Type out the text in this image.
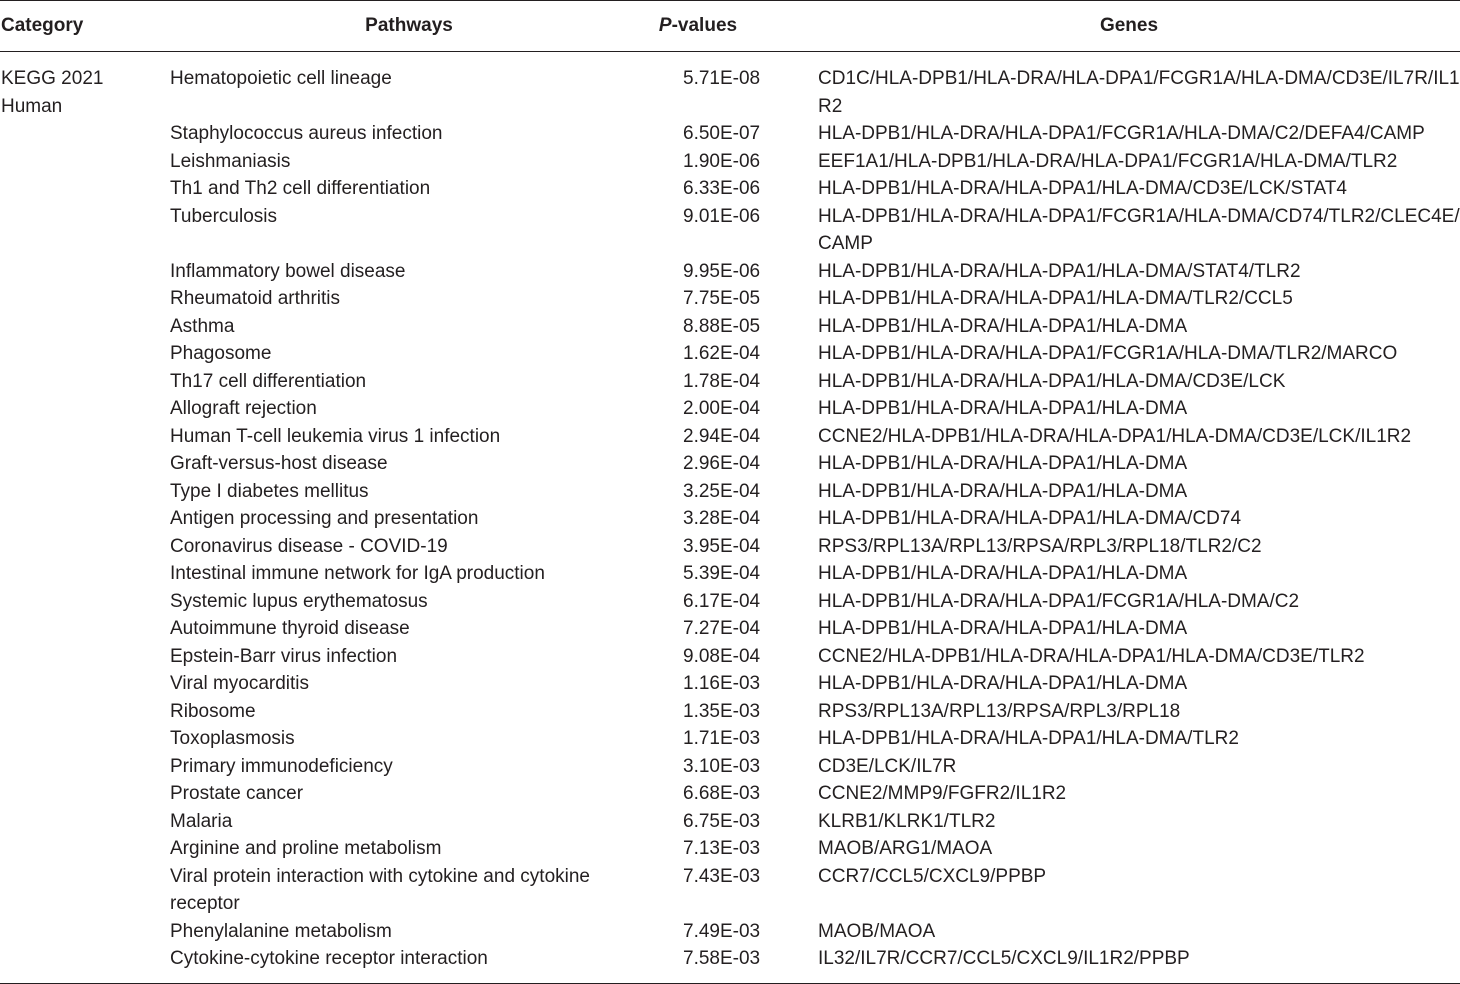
Category	Pathways	P-values	Genes

KEGG 2021
Human	Hematopoietic cell lineage	5.71E-08	CD1C/HLA-DPB1/HLA-DRA/HLA-DPA1/FCGR1A/HLA-DMA/CD3E/IL7R/IL1R2
	Staphylococcus aureus infection	6.50E-07	HLA-DPB1/HLA-DRA/HLA-DPA1/FCGR1A/HLA-DMA/C2/DEFA4/CAMP
	Leishmaniasis	1.90E-06	EEF1A1/HLA-DPB1/HLA-DRA/HLA-DPA1/FCGR1A/HLA-DMA/TLR2
	Th1 and Th2 cell differentiation	6.33E-06	HLA-DPB1/HLA-DRA/HLA-DPA1/HLA-DMA/CD3E/LCK/STAT4
	Tuberculosis	9.01E-06	HLA-DPB1/HLA-DRA/HLA-DPA1/FCGR1A/HLA-DMA/CD74/TLR2/CLEC4E/CAMP
	Inflammatory bowel disease	9.95E-06	HLA-DPB1/HLA-DRA/HLA-DPA1/HLA-DMA/STAT4/TLR2
	Rheumatoid arthritis	7.75E-05	HLA-DPB1/HLA-DRA/HLA-DPA1/HLA-DMA/TLR2/CCL5
	Asthma	8.88E-05	HLA-DPB1/HLA-DRA/HLA-DPA1/HLA-DMA
	Phagosome	1.62E-04	HLA-DPB1/HLA-DRA/HLA-DPA1/FCGR1A/HLA-DMA/TLR2/MARCO
	Th17 cell differentiation	1.78E-04	HLA-DPB1/HLA-DRA/HLA-DPA1/HLA-DMA/CD3E/LCK
	Allograft rejection	2.00E-04	HLA-DPB1/HLA-DRA/HLA-DPA1/HLA-DMA
	Human T-cell leukemia virus 1 infection	2.94E-04	CCNE2/HLA-DPB1/HLA-DRA/HLA-DPA1/HLA-DMA/CD3E/LCK/IL1R2
	Graft-versus-host disease	2.96E-04	HLA-DPB1/HLA-DRA/HLA-DPA1/HLA-DMA
	Type I diabetes mellitus	3.25E-04	HLA-DPB1/HLA-DRA/HLA-DPA1/HLA-DMA
	Antigen processing and presentation	3.28E-04	HLA-DPB1/HLA-DRA/HLA-DPA1/HLA-DMA/CD74
	Coronavirus disease - COVID-19	3.95E-04	RPS3/RPL13A/RPL13/RPSA/RPL3/RPL18/TLR2/C2
	Intestinal immune network for IgA production	5.39E-04	HLA-DPB1/HLA-DRA/HLA-DPA1/HLA-DMA
	Systemic lupus erythematosus	6.17E-04	HLA-DPB1/HLA-DRA/HLA-DPA1/FCGR1A/HLA-DMA/C2
	Autoimmune thyroid disease	7.27E-04	HLA-DPB1/HLA-DRA/HLA-DPA1/HLA-DMA
	Epstein-Barr virus infection	9.08E-04	CCNE2/HLA-DPB1/HLA-DRA/HLA-DPA1/HLA-DMA/CD3E/TLR2
	Viral myocarditis	1.16E-03	HLA-DPB1/HLA-DRA/HLA-DPA1/HLA-DMA
	Ribosome	1.35E-03	RPS3/RPL13A/RPL13/RPSA/RPL3/RPL18
	Toxoplasmosis	1.71E-03	HLA-DPB1/HLA-DRA/HLA-DPA1/HLA-DMA/TLR2
	Primary immunodeficiency	3.10E-03	CD3E/LCK/IL7R
	Prostate cancer	6.68E-03	CCNE2/MMP9/FGFR2/IL1R2
	Malaria	6.75E-03	KLRB1/KLRK1/TLR2
	Arginine and proline metabolism	7.13E-03	MAOB/ARG1/MAOA
	Viral protein interaction with cytokine and cytokine receptor	7.43E-03	CCR7/CCL5/CXCL9/PPBP
	Phenylalanine metabolism	7.49E-03	MAOB/MAOA
	Cytokine-cytokine receptor interaction	7.58E-03	IL32/IL7R/CCR7/CCL5/CXCL9/IL1R2/PPBP
